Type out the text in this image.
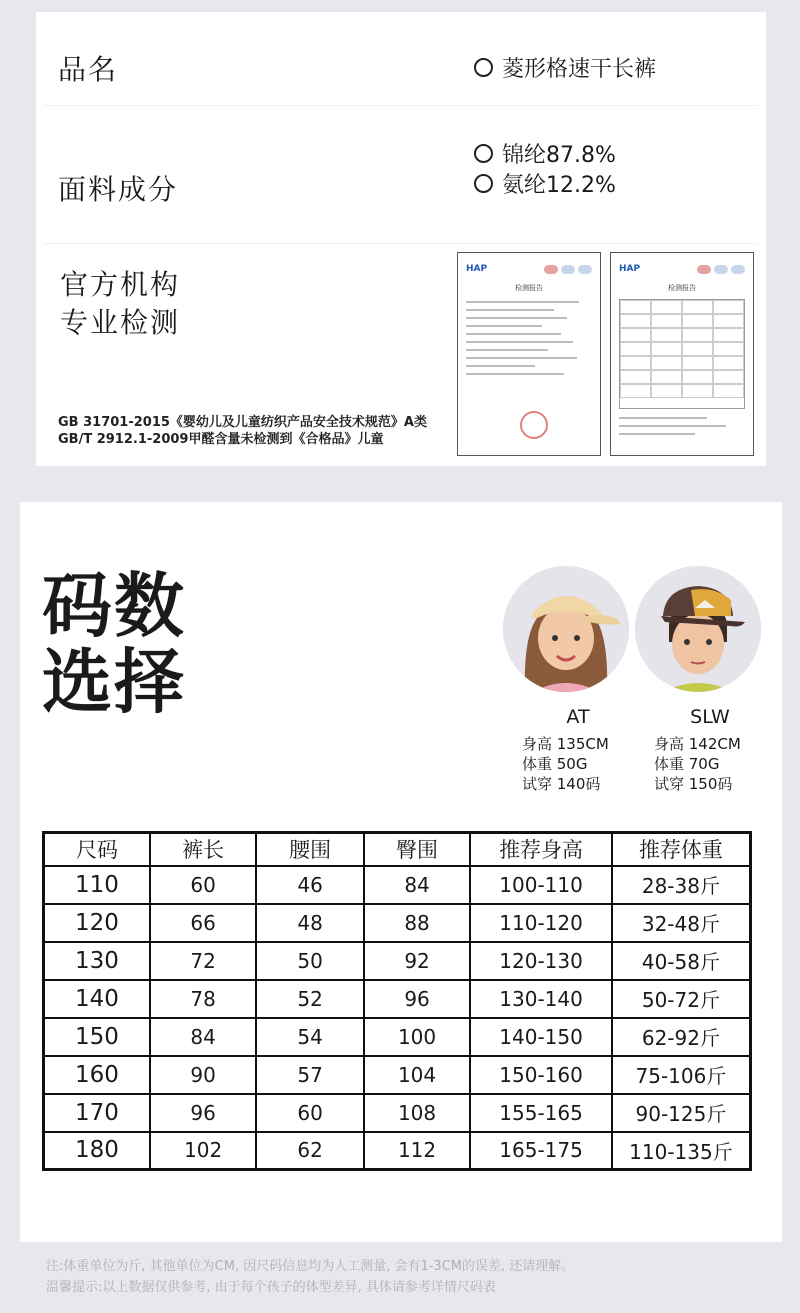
品名	菱形格速干长裤
面料成分
锦纶87.8%
氨纶12.2%
官方机构
专业检测
GB 31701-2015《婴幼儿及儿童纺织产品安全技术规范》A类
GB/T 2912.1-2009甲醛含量未检测到《合格品》儿童
HAP
检测报告
HAP
检测报告
码数
选择	AT
身高 135CM
体重 50G
试穿 140码
SLW
身高 142CM
体重 70G
试穿 150码
尺码	裤长	腰围	臀围	推荐身高	推荐体重
110	60	46	84	100-110	28-38斤
120	66	48	88	110-120	32-48斤
130	72	50	92	120-130	40-58斤
140	78	52	96	130-140	50-72斤
150	84	54	100	140-150	62-92斤
160	90	57	104	150-160	75-106斤
170	96	60	108	155-165	90-125斤
180	102	62	112	165-175	110-135斤
注:体重单位为斤, 其他单位为CM, 因尺码信息均为人工测量, 会有1-3CM的误差, 还请理解。
温馨提示:以上数据仅供参考, 由于每个孩子的体型差异, 具体请参考详情尺码表
